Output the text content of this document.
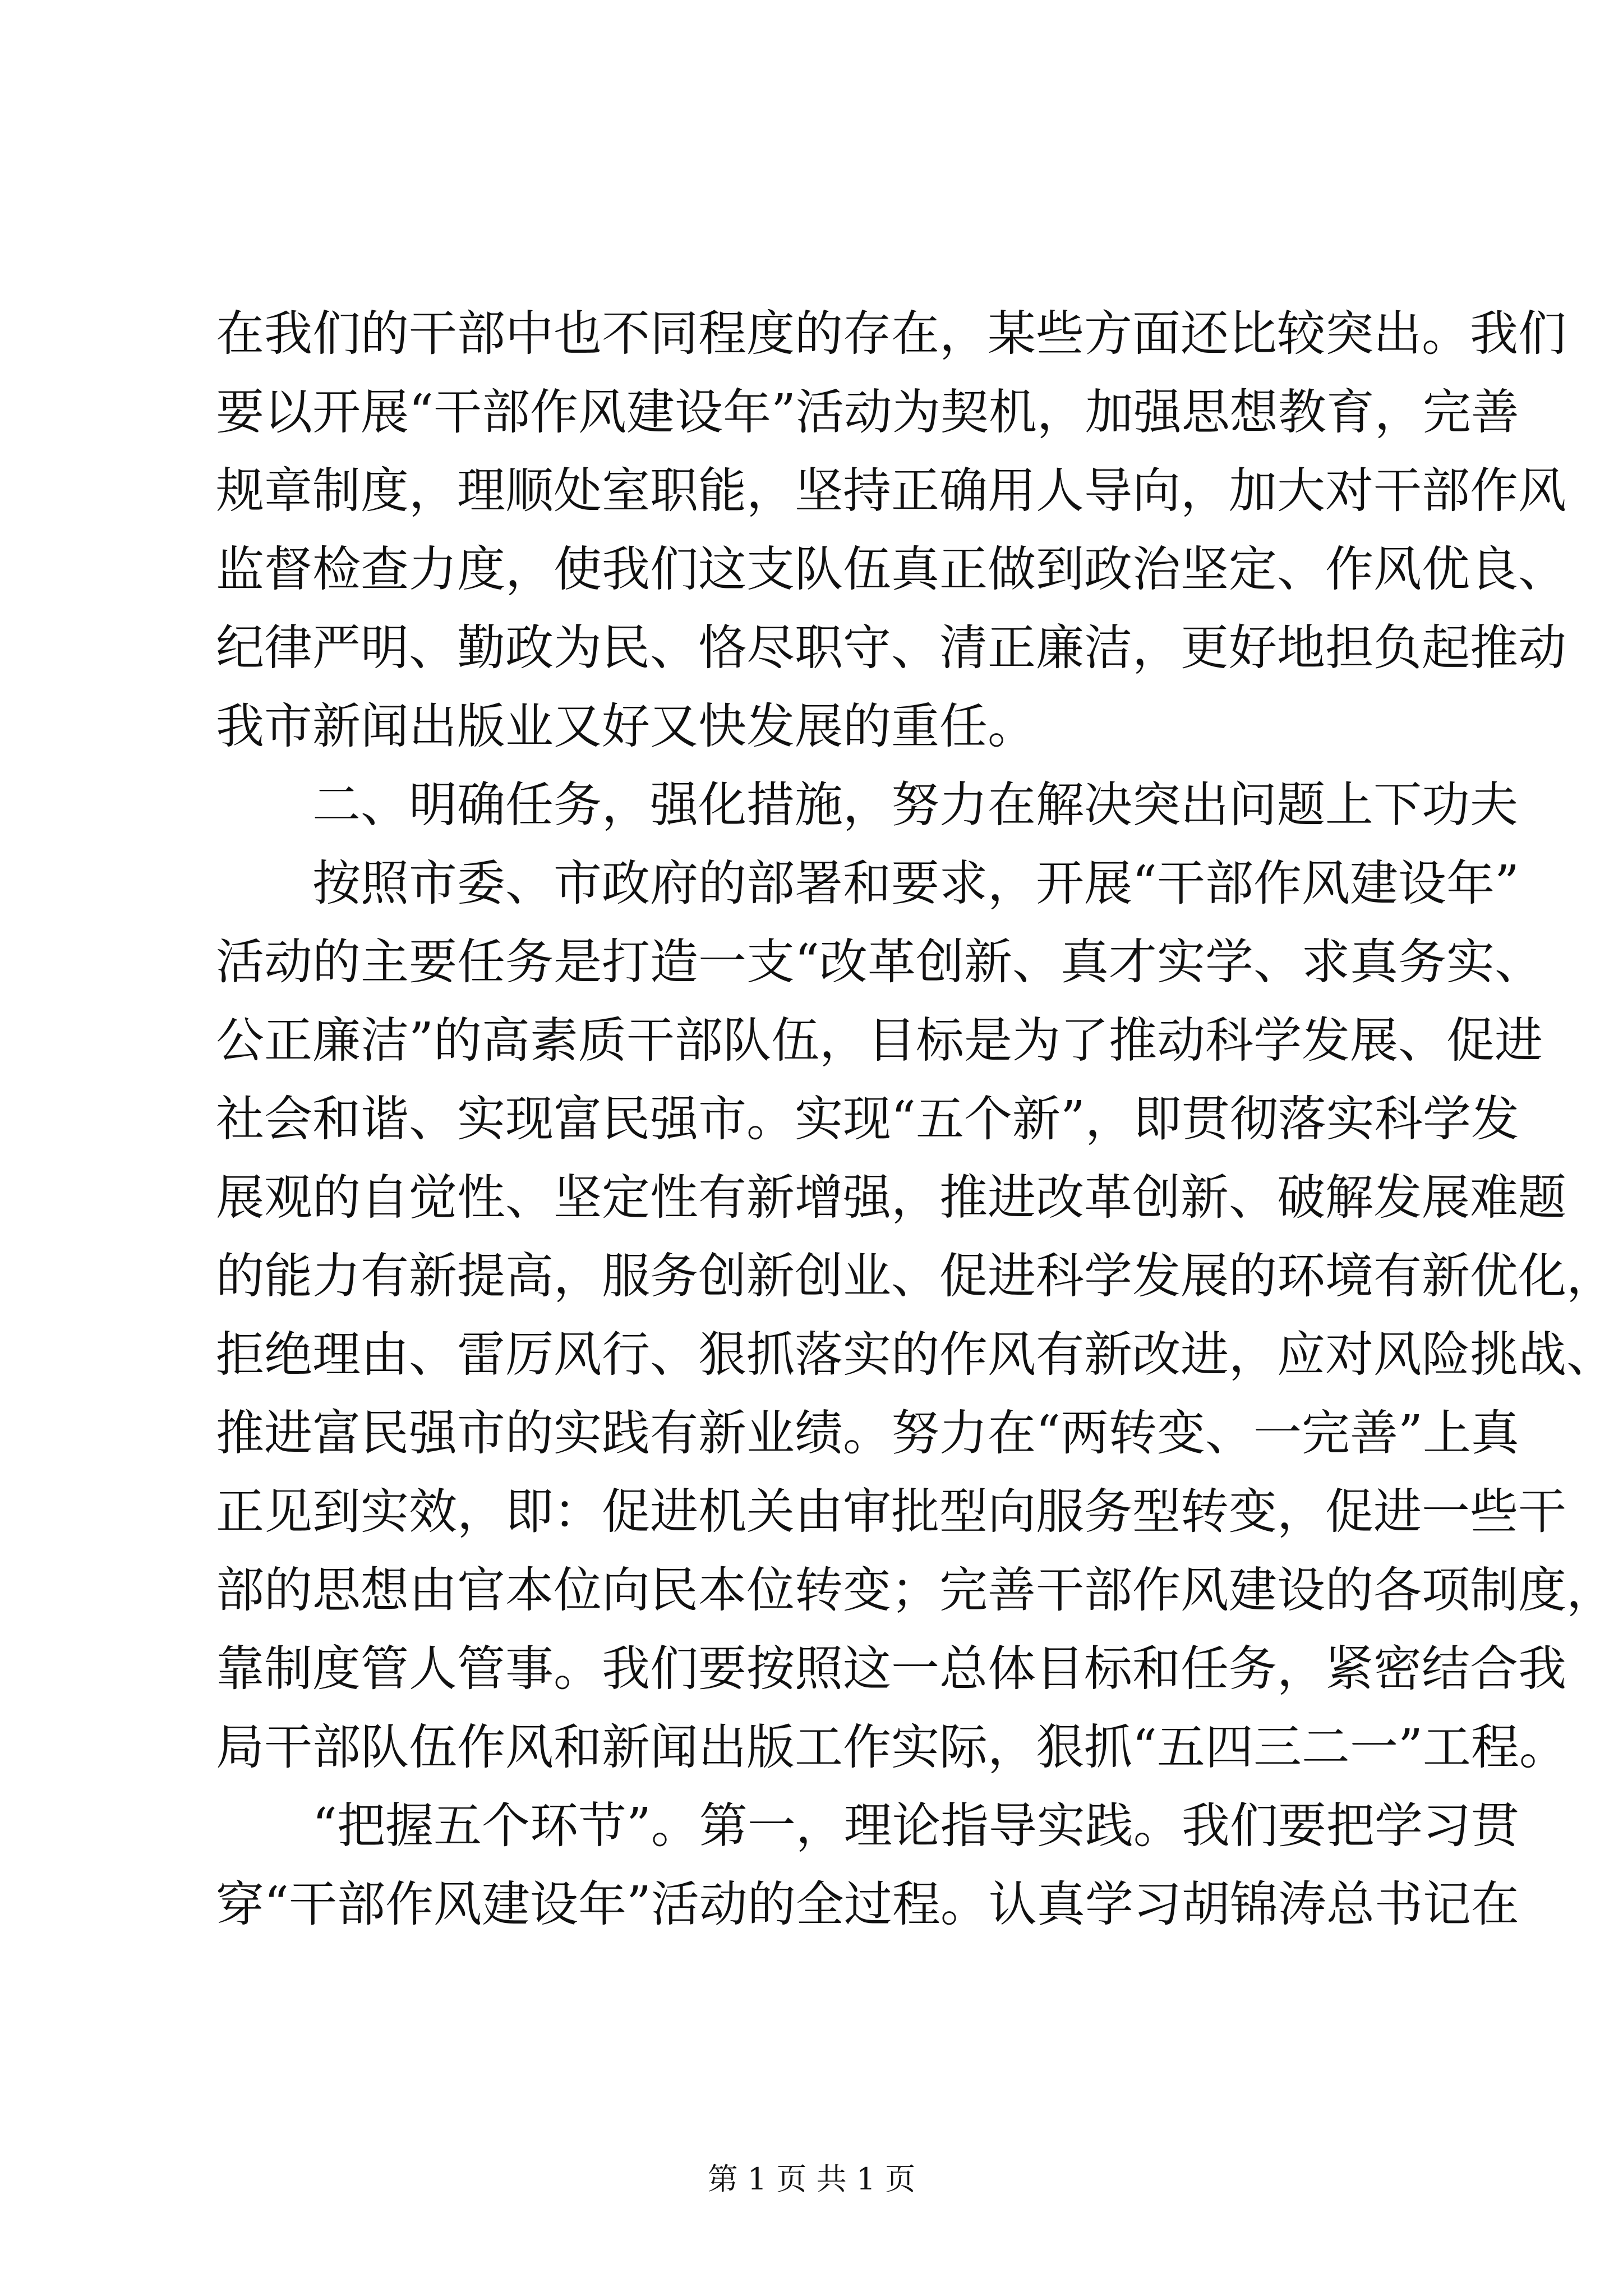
在我们的干部中也不同程度的存在，某些方面还比较突出。我们
要以开展“干部作风建设年”活动为契机，加强思想教育，完善
规章制度，理顺处室职能，坚持正确用人导向，加大对干部作风
监督检查力度，使我们这支队伍真正做到政治坚定、作风优良、
纪律严明、勤政为民、恪尽职守、清正廉洁，更好地担负起推动
我市新闻出版业又好又快发展的重任。
二、明确任务，强化措施，努力在解决突出问题上下功夫
按照市委、市政府的部署和要求，开展“干部作风建设年”
活动的主要任务是打造一支“改革创新、真才实学、求真务实、
公正廉洁”的高素质干部队伍，目标是为了推动科学发展、促进
社会和谐、实现富民强市。实现“五个新”，即贯彻落实科学发
展观的自觉性、坚定性有新增强，推进改革创新、破解发展难题
的能力有新提高，服务创新创业、促进科学发展的环境有新优化，
拒绝理由、雷厉风行、狠抓落实的作风有新改进，应对风险挑战、
推进富民强市的实践有新业绩。努力在“两转变、一完善”上真
正见到实效，即：促进机关由审批型向服务型转变，促进一些干
部的思想由官本位向民本位转变；完善干部作风建设的各项制度，
靠制度管人管事。我们要按照这一总体目标和任务，紧密结合我
局干部队伍作风和新闻出版工作实际，狠抓“五四三二一”工程。
“把握五个环节”。第一，理论指导实践。我们要把学习贯
穿“干部作风建设年”活动的全过程。认真学习胡锦涛总书记在
第 1 页 共 1 页
